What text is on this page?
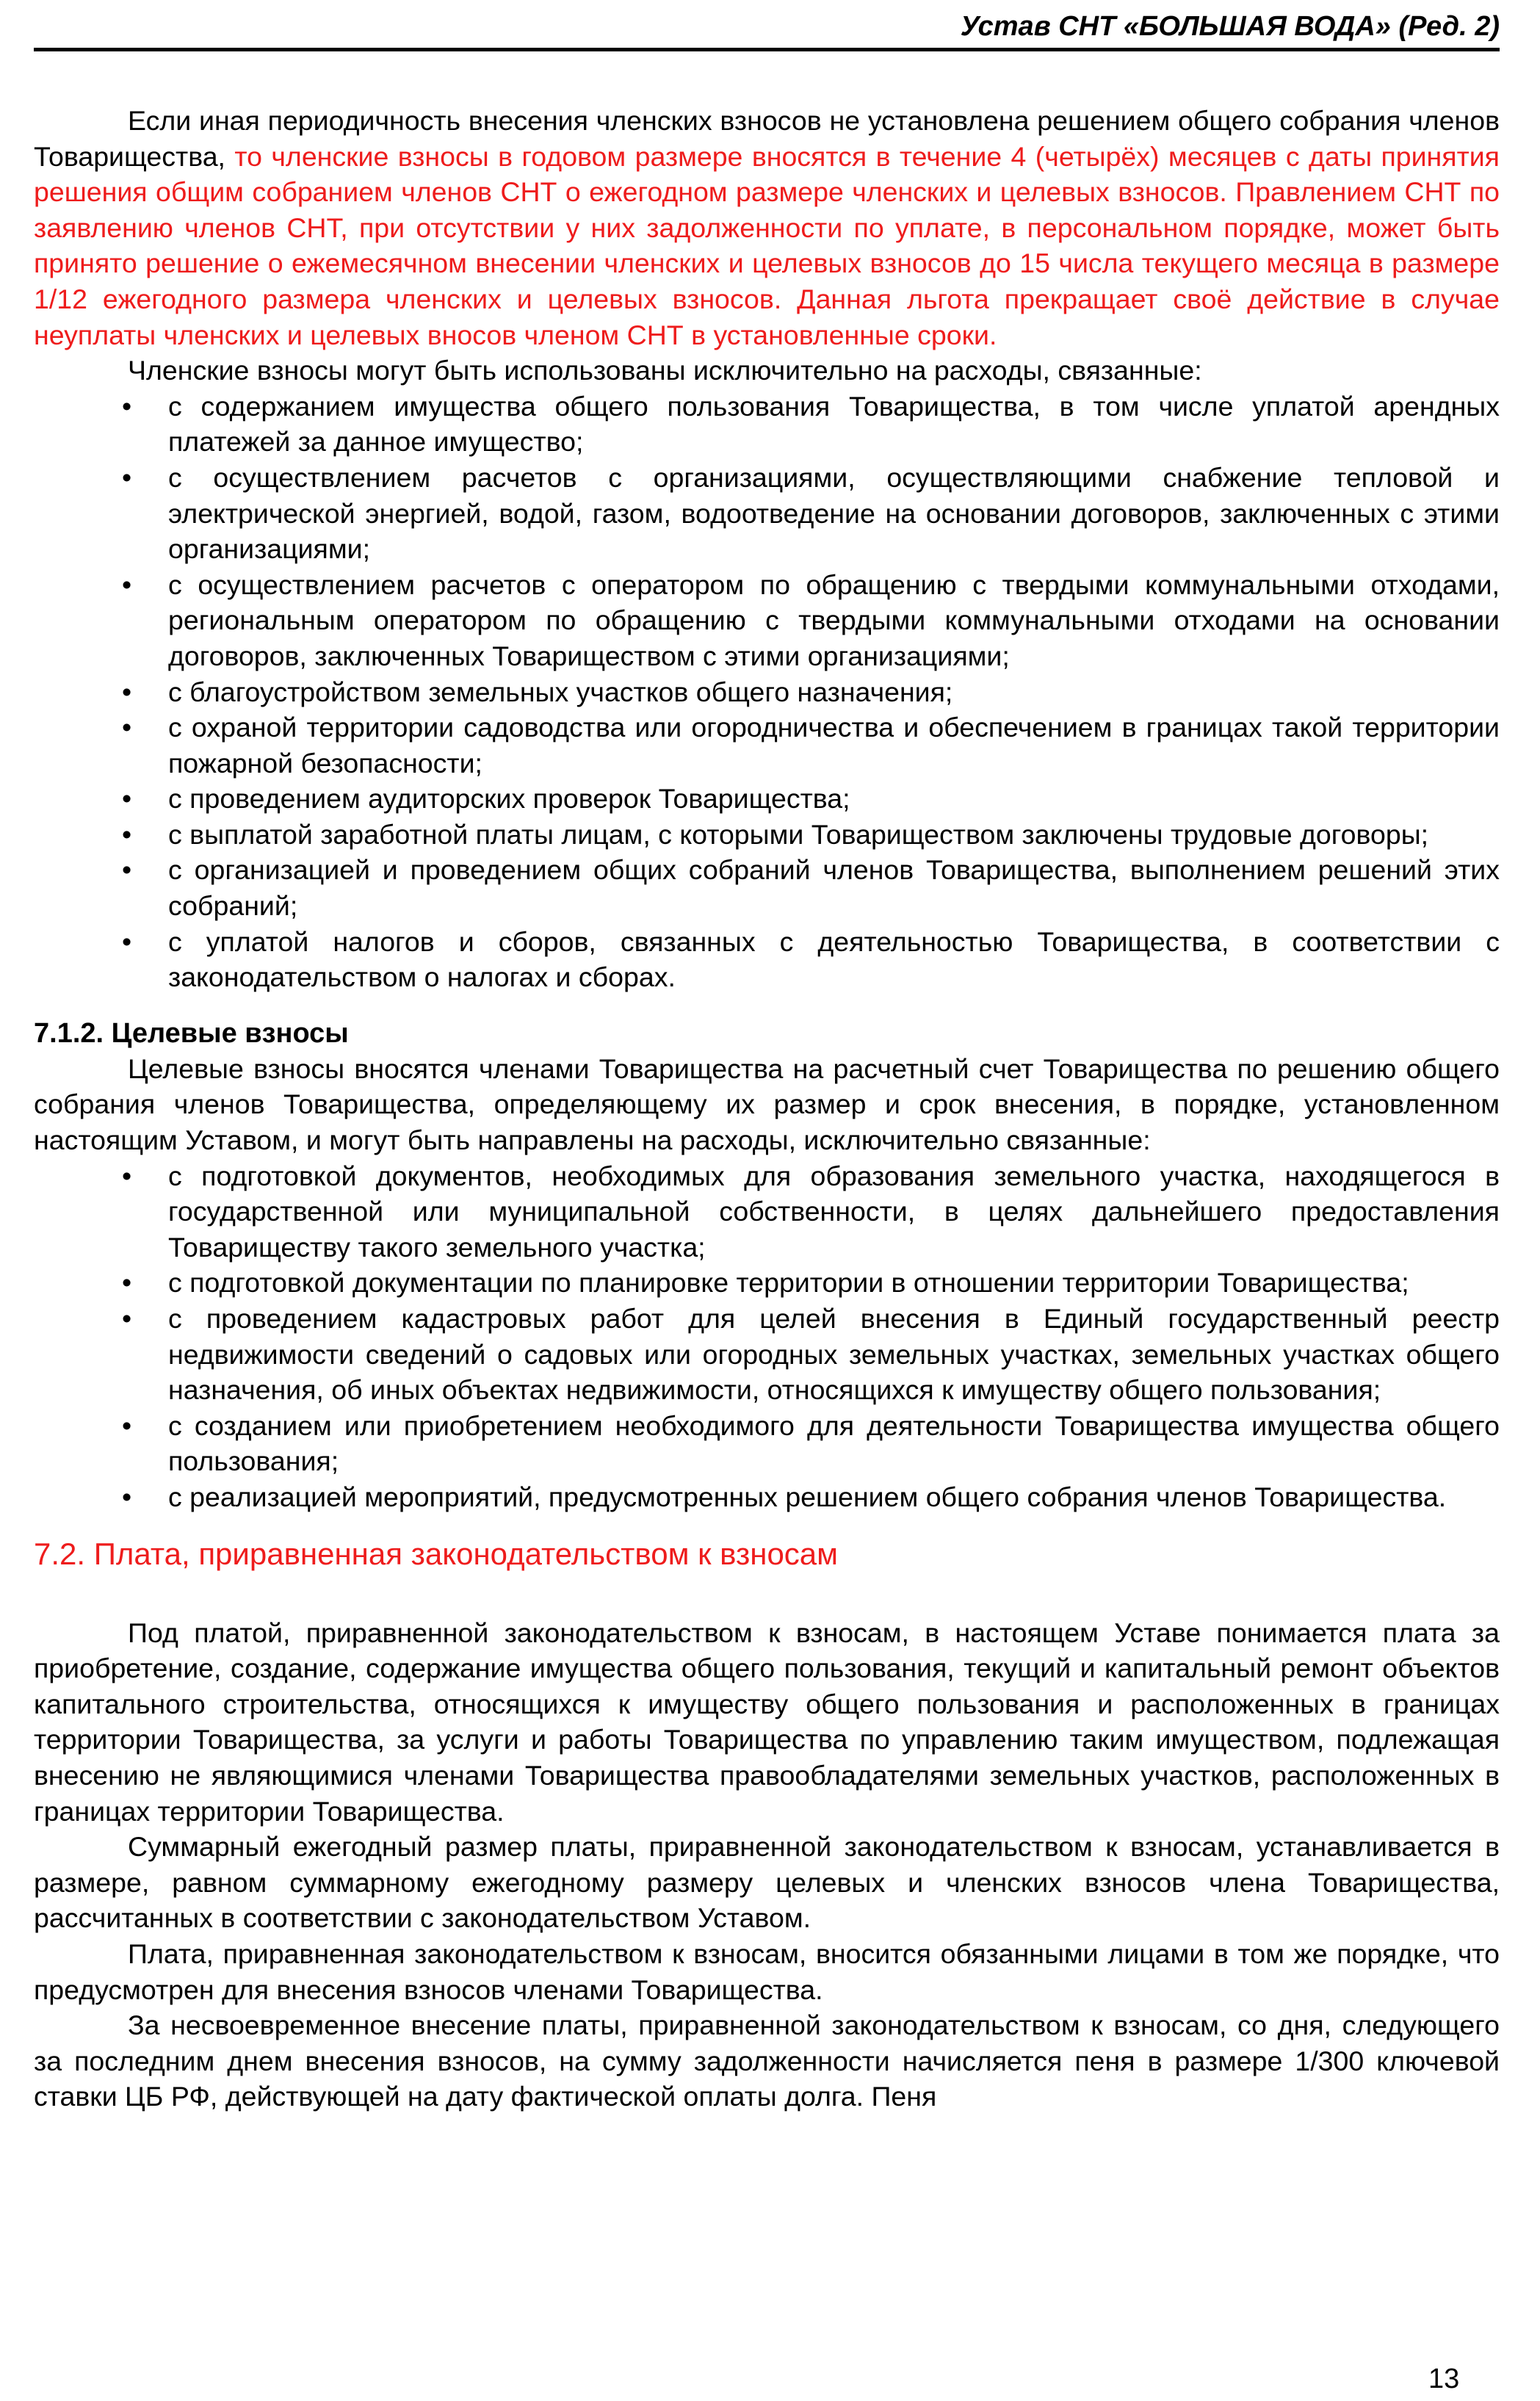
Устав СНТ «БОЛЬШАЯ ВОДА» (Ред. 2)

Если иная периодичность внесения членских взносов не установлена решением общего собрания членов Товарищества, то членские взносы в годовом размере вносятся в течение 4 (четырёх) месяцев с даты принятия решения общим собранием членов СНТ о ежегодном размере членских и целевых взносов. Правлением СНТ по заявлению членов СНТ, при отсутствии у них задолженности по уплате, в персональном порядке, может быть принято решение о ежемесячном внесении членских и целевых взносов до 15 числа текущего месяца в размере 1/12 ежегодного размера членских и целевых взносов. Данная льгота прекращает своё действие в случае неуплаты членских и целевых вносов членом СНТ в установленные сроки.

Членские взносы могут быть использованы исключительно на расходы, связанные:

• с содержанием имущества общего пользования Товарищества, в том числе уплатой арендных платежей за данное имущество;
• с осуществлением расчетов с организациями, осуществляющими снабжение тепловой и электрической энергией, водой, газом, водоотведение на основании договоров, заключенных с этими организациями;
• с осуществлением расчетов с оператором по обращению с твердыми коммунальными отходами, региональным оператором по обращению с твердыми коммунальными отходами на основании договоров, заключенных Товариществом с этими организациями;
• с благоустройством земельных участков общего назначения;
• с охраной территории садоводства или огородничества и обеспечением в границах такой территории пожарной безопасности;
• с проведением аудиторских проверок Товарищества;
• с выплатой заработной платы лицам, с которыми Товариществом заключены трудовые договоры;
• с организацией и проведением общих собраний членов Товарищества, выполнением решений этих собраний;
• с уплатой налогов и сборов, связанных с деятельностью Товарищества, в соответствии с законодательством о налогах и сборах.
7.1.2. Целевые взносы

Целевые взносы вносятся членами Товарищества на расчетный счет Товарищества по решению общего собрания членов Товарищества, определяющему их размер и срок внесения, в порядке, установленном настоящим Уставом, и могут быть направлены на расходы, исключительно связанные:

• с подготовкой документов, необходимых для образования земельного участка, находящегося в государственной или муниципальной собственности, в целях дальнейшего предоставления Товариществу такого земельного участка;
• с подготовкой документации по планировке территории в отношении территории Товарищества;
• с проведением кадастровых работ для целей внесения в Единый государственный реестр недвижимости сведений о садовых или огородных земельных участках, земельных участках общего назначения, об иных объектах недвижимости, относящихся к имуществу общего пользования;
• с созданием или приобретением необходимого для деятельности Товарищества имущества общего пользования;
• с реализацией мероприятий, предусмотренных решением общего собрания членов Товарищества.
7.2. Плата, приравненная законодательством к взносам

Под платой, приравненной законодательством к взносам, в настоящем Уставе понимается плата за приобретение, создание, содержание имущества общего пользования, текущий и капитальный ремонт объектов капитального строительства, относящихся к имуществу общего пользования и расположенных в границах территории Товарищества, за услуги и работы Товарищества по управлению таким имуществом, подлежащая внесению не являющимися членами Товарищества правообладателями земельных участков, расположенных в границах территории Товарищества.

Суммарный ежегодный размер платы, приравненной законодательством к взносам, устанавливается в размере, равном суммарному ежегодному размеру целевых и членских взносов члена Товарищества, рассчитанных в соответствии с законодательством Уставом.

Плата, приравненная законодательством к взносам, вносится обязанными лицами в том же порядке, что предусмотрен для внесения взносов членами Товарищества.

За несвоевременное внесение платы, приравненной законодательством к взносам, со дня, следующего за последним днем внесения взносов, на сумму задолженности начисляется пеня в размере 1/300 ключевой ставки ЦБ РФ, действующей на дату фактической оплаты долга. Пеня

13
